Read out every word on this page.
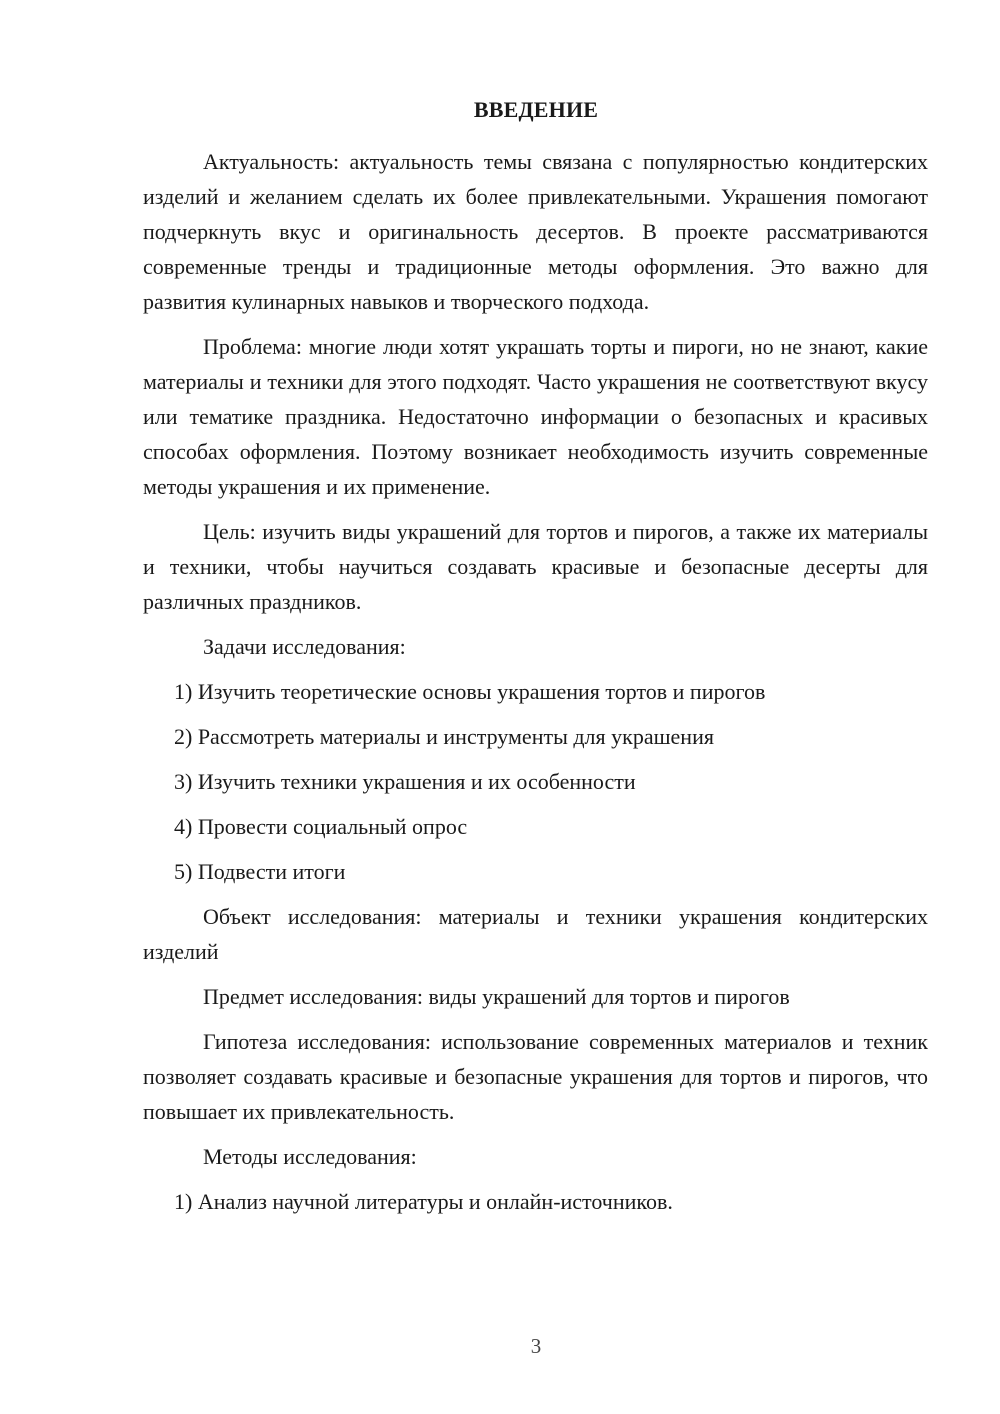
ВВЕДЕНИЕ

Актуальность: актуальность темы связана с популярностью кондитерских изделий и желанием сделать их более привлекательными. Украшения помогают подчеркнуть вкус и оригинальность десертов. В проекте рассматриваются современные тренды и традиционные методы оформления. Это важно для развития кулинарных навыков и творческого подхода.

Проблема: многие люди хотят украшать торты и пироги, но не знают, какие материалы и техники для этого подходят. Часто украшения не соответствуют вкусу или тематике праздника. Недостаточно информации о безопасных и красивых способах оформления. Поэтому возникает необходимость изучить современные методы украшения и их применение.

Цель: изучить виды украшений для тортов и пирогов, а также их материалы и техники, чтобы научиться создавать красивые и безопасные десерты для различных праздников.

Задачи исследования:

1) Изучить теоретические основы украшения тортов и пирогов

2) Рассмотреть материалы и инструменты для украшения

3) Изучить техники украшения и их особенности

4) Провести социальный опрос

5) Подвести итоги

Объект исследования: материалы и техники украшения кондитерских изделий

Предмет исследования: виды украшений для тортов и пирогов

Гипотеза исследования: использование современных материалов и техник позволяет создавать красивые и безопасные украшения для тортов и пирогов, что повышает их привлекательность.

Методы исследования:

1) Анализ научной литературы и онлайн-источников.

3
